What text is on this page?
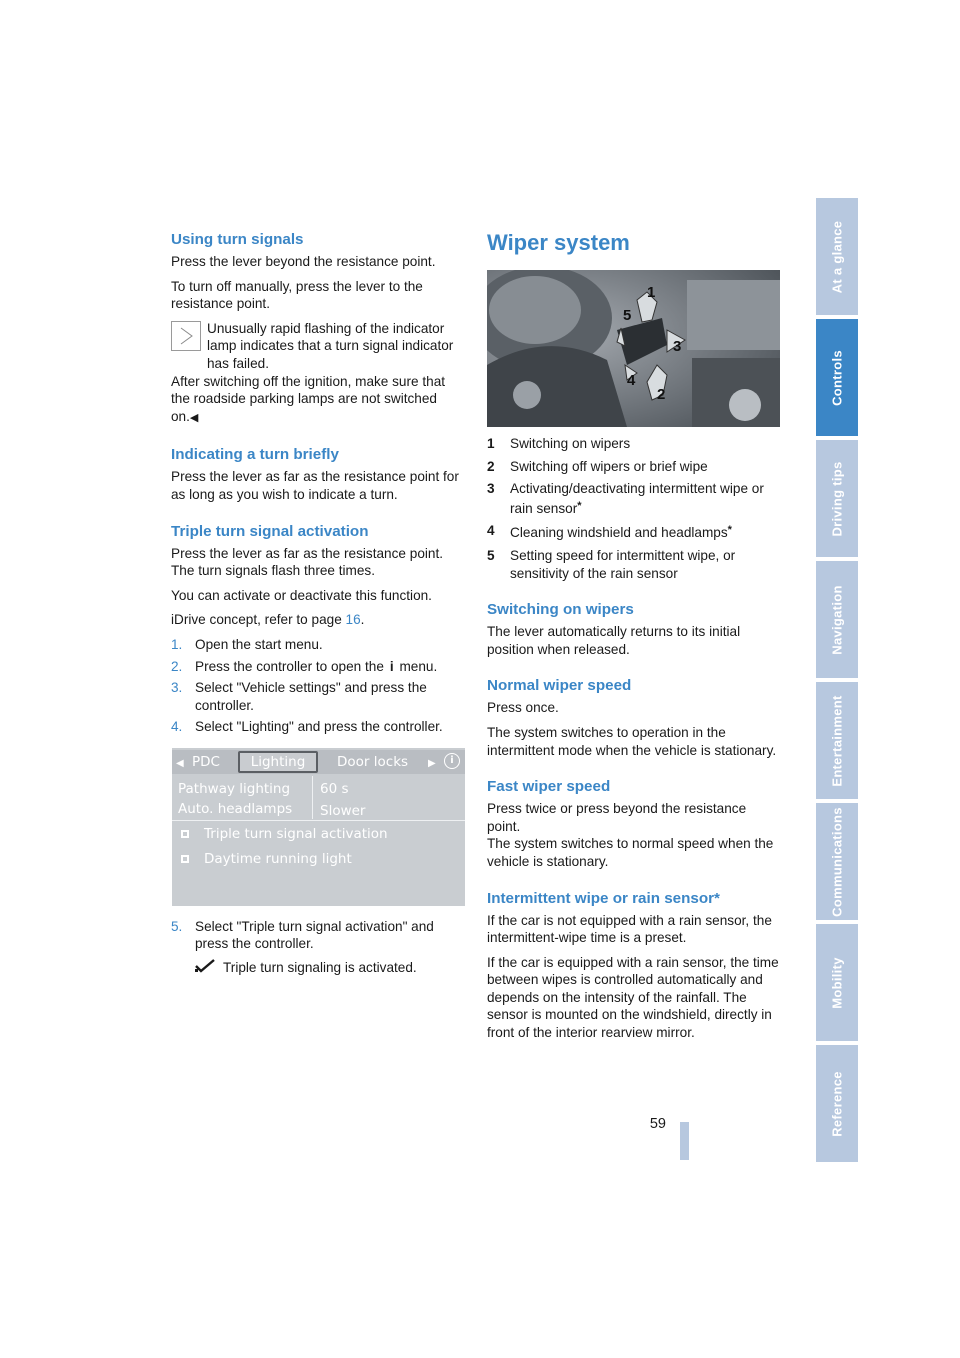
Using turn signals

Press the lever beyond the resistance point.

To turn off manually, press the lever to the resistance point.

Unusually rapid flashing of the indicator lamp indicates that a turn signal indicator has failed.

After switching off the ignition, make sure that the roadside parking lamps are not switched on.◀

Indicating a turn briefly

Press the lever as far as the resistance point for as long as you wish to indicate a turn.

Triple turn signal activation

Press the lever as far as the resistance point.

The turn signals flash three times.

You can activate or deactivate this function.

iDrive concept, refer to page 16.

1. Open the start menu.
2. Press the controller to open the i menu.
3. Select "Vehicle settings" and press the controller.
4. Select "Lighting" and press the controller.
◀ PDC	Lighting	Door locks ▶	i
Pathway lighting 60 s
Auto. headlamps Slower
Triple turn signal activation
Daytime running light
5. Select "Triple turn signal activation" and press the controller.

Triple turn signaling is activated.

Wiper system
1
2
3
4
5
1 Switching on wipers
2 Switching off wipers or brief wipe
3 Activating/deactivating intermittent wipe or rain sensor*
4 Cleaning windshield and headlamps*
5 Setting speed for intermittent wipe, or sensitivity of the rain sensor
Switching on wipers

The lever automatically returns to its initial position when released.

Normal wiper speed

Press once.

The system switches to operation in the intermittent mode when the vehicle is stationary.

Fast wiper speed

Press twice or press beyond the resistance point.

The system switches to normal speed when the vehicle is stationary.

Intermittent wipe or rain sensor*

If the car is not equipped with a rain sensor, the intermittent-wipe time is a preset.

If the car is equipped with a rain sensor, the time between wipes is controlled automatically and depends on the intensity of the rainfall. The sensor is mounted on the windshield, directly in front of the interior rearview mirror.

At a glance
Controls
Driving tips
Navigation
Entertainment
Communications
Mobility
Reference
59
